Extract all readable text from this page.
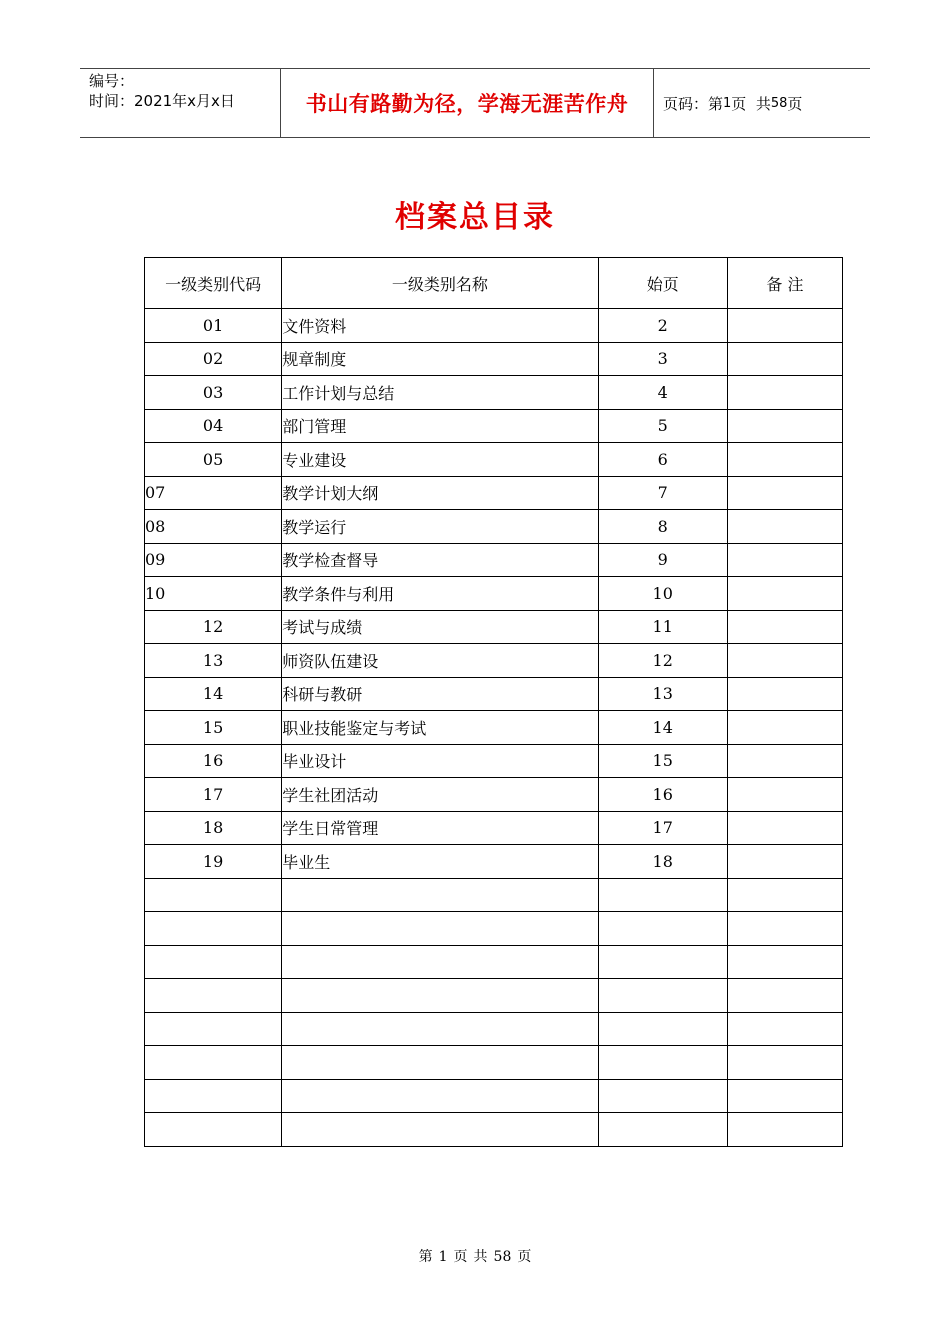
编号：
时间：2021年x月x日	书山有路勤为径，学海无涯苦作舟 页码：第 1 页  共 58 页
档案总目录
一级类别代码	一级类别名称	始页	备 注
01	文件资料	2	
02	规章制度	3	
03	工作计划与总结	4	
04	部门管理	5	
05	专业建设	6	
07	教学计划大纲	7	
08	教学运行	8	
09	教学检查督导	9	
10	教学条件与利用	10	
12	考试与成绩	11	
13	师资队伍建设	12	
14	科研与教研	13	
15	职业技能鉴定与考试	14	
16	毕业设计	15	
17	学生社团活动	16	
18	学生日常管理	17	
19	毕业生	18	

第 1 页 共 58 页
